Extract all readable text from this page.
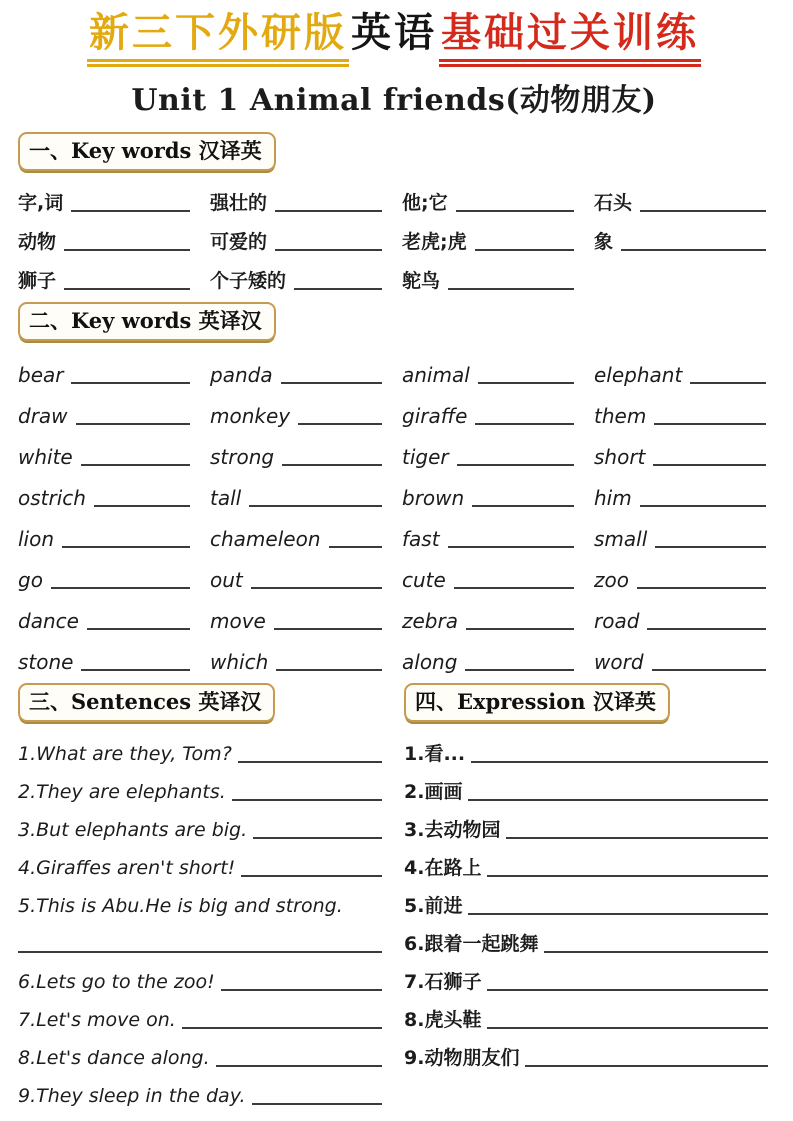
新三下外研版 英语 基础过关训练
Unit 1 Animal friends(动物朋友)
一、Key words 汉译英
字,词	强壮的	他;它	石头
动物	可爱的	老虎;虎	象
狮子	个子矮的	鸵鸟
二、Key words 英译汉
bear	panda	animal	elephant
draw	monkey	giraffe	them
white	strong	tiger	short
ostrich	tall	brown	him
lion	chameleon	fast	small
go	out	cute	zoo
dance	move	zebra	road
stone	which	along	word
三、Sentences 英译汉
1.What are they, Tom?
2.They are elephants.
3.But elephants are big.
4.Giraffes aren't short!
5.This is Abu.He is big and strong.
6.Lets go to the zoo!
7.Let's move on.
8.Let's dance along.
9.They sleep in the day.
四、Expression 汉译英
1.看...
2.画画
3.去动物园
4.在路上
5.前进
6.跟着一起跳舞
7.石狮子
8.虎头鞋
9.动物朋友们
